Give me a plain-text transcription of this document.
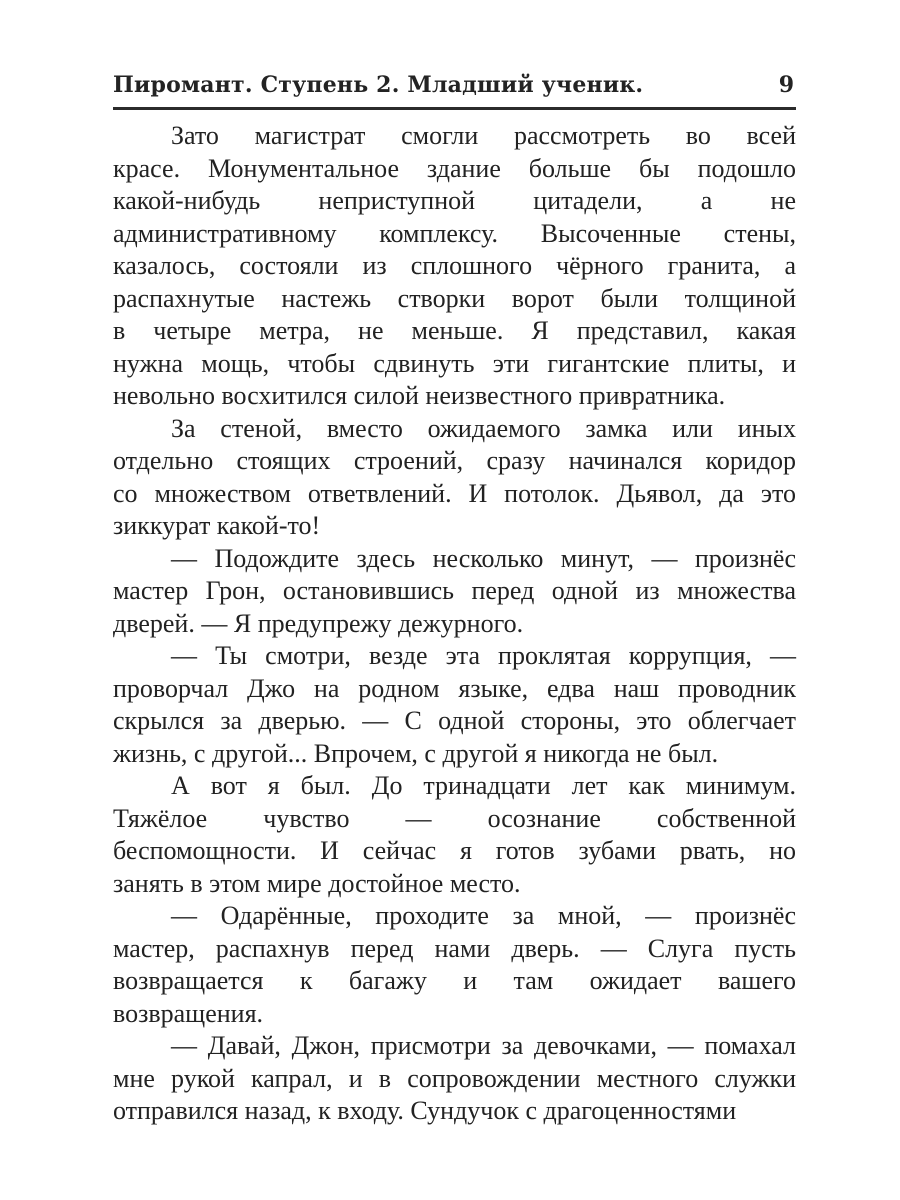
Пиромант. Ступень 2. Младший ученик.	9

Зато магистрат смогли рассмотреть во всей
красе. Монументальное здание больше бы подошло
какой-нибудь неприступной цитадели, а не
административному комплексу. Высоченные стены,
казалось, состояли из сплошного чёрного гранита, а
распахнутые настежь створки ворот были толщиной
в четыре метра, не меньше. Я представил, какая
нужна мощь, чтобы сдвинуть эти гигантские плиты, и
невольно восхитился силой неизвестного привратника.

За стеной, вместо ожидаемого замка или иных
отдельно стоящих строений, сразу начинался коридор
со множеством ответвлений. И потолок. Дьявол, да это
зиккурат какой-то!

— Подождите здесь несколько минут, — произнёс
мастер Грон, остановившись перед одной из множества
дверей. — Я предупрежу дежурного.

— Ты смотри, везде эта проклятая коррупция, —
проворчал Джо на родном языке, едва наш проводник
скрылся за дверью. — С одной стороны, это облегчает
жизнь, с другой... Впрочем, с другой я никогда не был.

А вот я был. До тринадцати лет как минимум.
Тяжёлое чувство — осознание собственной
беспомощности. И сейчас я готов зубами рвать, но
занять в этом мире достойное место.

— Одарённые, проходите за мной, — произнёс
мастер, распахнув перед нами дверь. — Слуга пусть
возвращается к багажу и там ожидает вашего
возвращения.

— Давай, Джон, присмотри за девочками, — помахал
мне рукой капрал, и в сопровождении местного служки
отправился назад, к входу. Сундучок с драгоценностями
